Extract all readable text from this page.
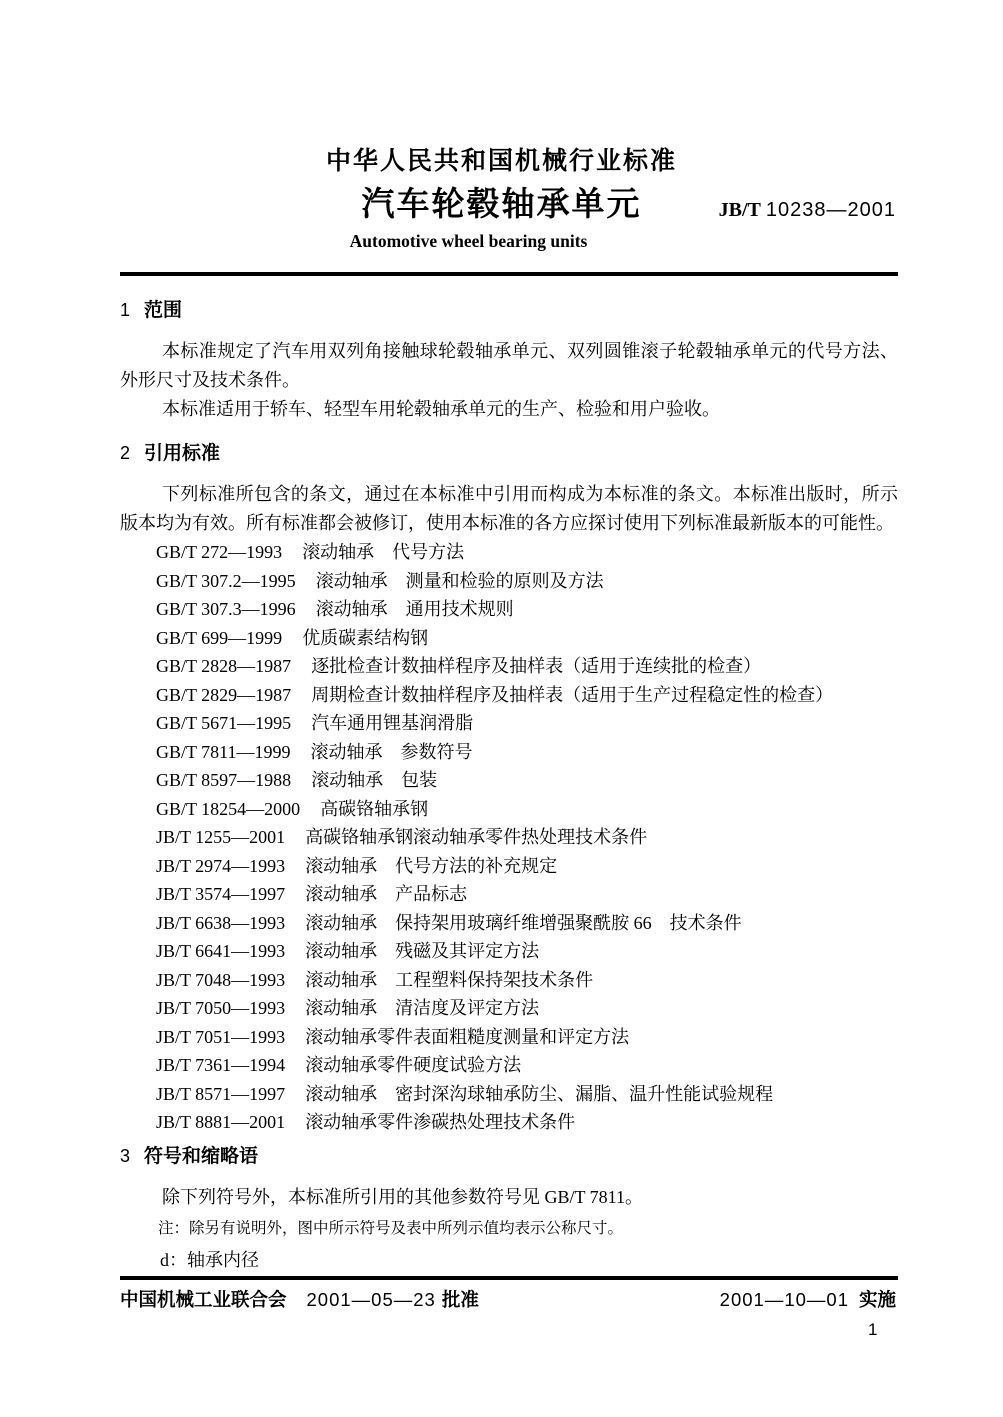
中华人民共和国机械行业标准
汽车轮毂轴承单元	JB/T 10238—2001
Automotive wheel bearing units
1 范围

本标准规定了汽车用双列角接触球轮毂轴承单元、双列圆锥滚子轮毂轴承单元的代号方法、外形尺寸及技术条件。

本标准适用于轿车、轻型车用轮毂轴承单元的生产、检验和用户验收。

2 引用标准

下列标准所包含的条文，通过在本标准中引用而构成为本标准的条文。本标准出版时，所示版本均为有效。所有标准都会被修订，使用本标准的各方应探讨使用下列标准最新版本的可能性。

GB/T 272—1993 滚动轴承　代号方法
GB/T 307.2—1995 滚动轴承　测量和检验的原则及方法
GB/T 307.3—1996 滚动轴承　通用技术规则
GB/T 699—1999 优质碳素结构钢
GB/T 2828—1987 逐批检查计数抽样程序及抽样表（适用于连续批的检查）
GB/T 2829—1987 周期检查计数抽样程序及抽样表（适用于生产过程稳定性的检查）
GB/T 5671—1995 汽车通用锂基润滑脂
GB/T 7811—1999 滚动轴承　参数符号
GB/T 8597—1988 滚动轴承　包装
GB/T 18254—2000 高碳铬轴承钢
JB/T 1255—2001 高碳铬轴承钢滚动轴承零件热处理技术条件
JB/T 2974—1993 滚动轴承　代号方法的补充规定
JB/T 3574—1997 滚动轴承　产品标志
JB/T 6638—1993 滚动轴承　保持架用玻璃纤维增强聚酰胺 66　技术条件
JB/T 6641—1993 滚动轴承　残磁及其评定方法
JB/T 7048—1993 滚动轴承　工程塑料保持架技术条件
JB/T 7050—1993 滚动轴承　清洁度及评定方法
JB/T 7051—1993 滚动轴承零件表面粗糙度测量和评定方法
JB/T 7361—1994 滚动轴承零件硬度试验方法
JB/T 8571—1997 滚动轴承　密封深沟球轴承防尘、漏脂、温升性能试验规程
JB/T 8881—2001 滚动轴承零件渗碳热处理技术条件
3 符号和缩略语

除下列符号外，本标准所引用的其他参数符号见 GB/T 7811。

注：除另有说明外，图中所示符号及表中所列示值均表示公称尺寸。
d：轴承内径
中国机械工业联合会 2001—05—23 批准	2001—10—01 实施
1
